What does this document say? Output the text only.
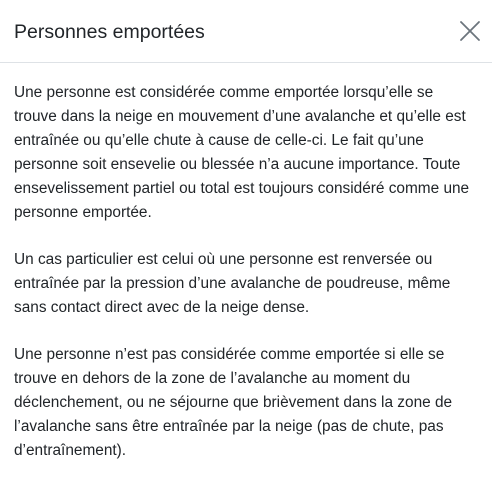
Personnes emportées

Une personne est considérée comme emportée lorsqu’elle se trouve dans la neige en mouvement d’une avalanche et qu’elle est entraînée ou qu’elle chute à cause de celle-ci. Le fait qu’une personne soit ensevelie ou blessée n’a aucune importance. Toute ensevelissement partiel ou total est toujours considéré comme une personne emportée.

Un cas particulier est celui où une personne est renversée ou entraînée par la pression d’une avalanche de poudreuse, même sans contact direct avec de la neige dense.

Une personne n’est pas considérée comme emportée si elle se trouve en dehors de la zone de l’avalanche au moment du déclenchement, ou ne séjourne que brièvement dans la zone de l’avalanche sans être entraînée par la neige (pas de chute, pas d’entraînement).
